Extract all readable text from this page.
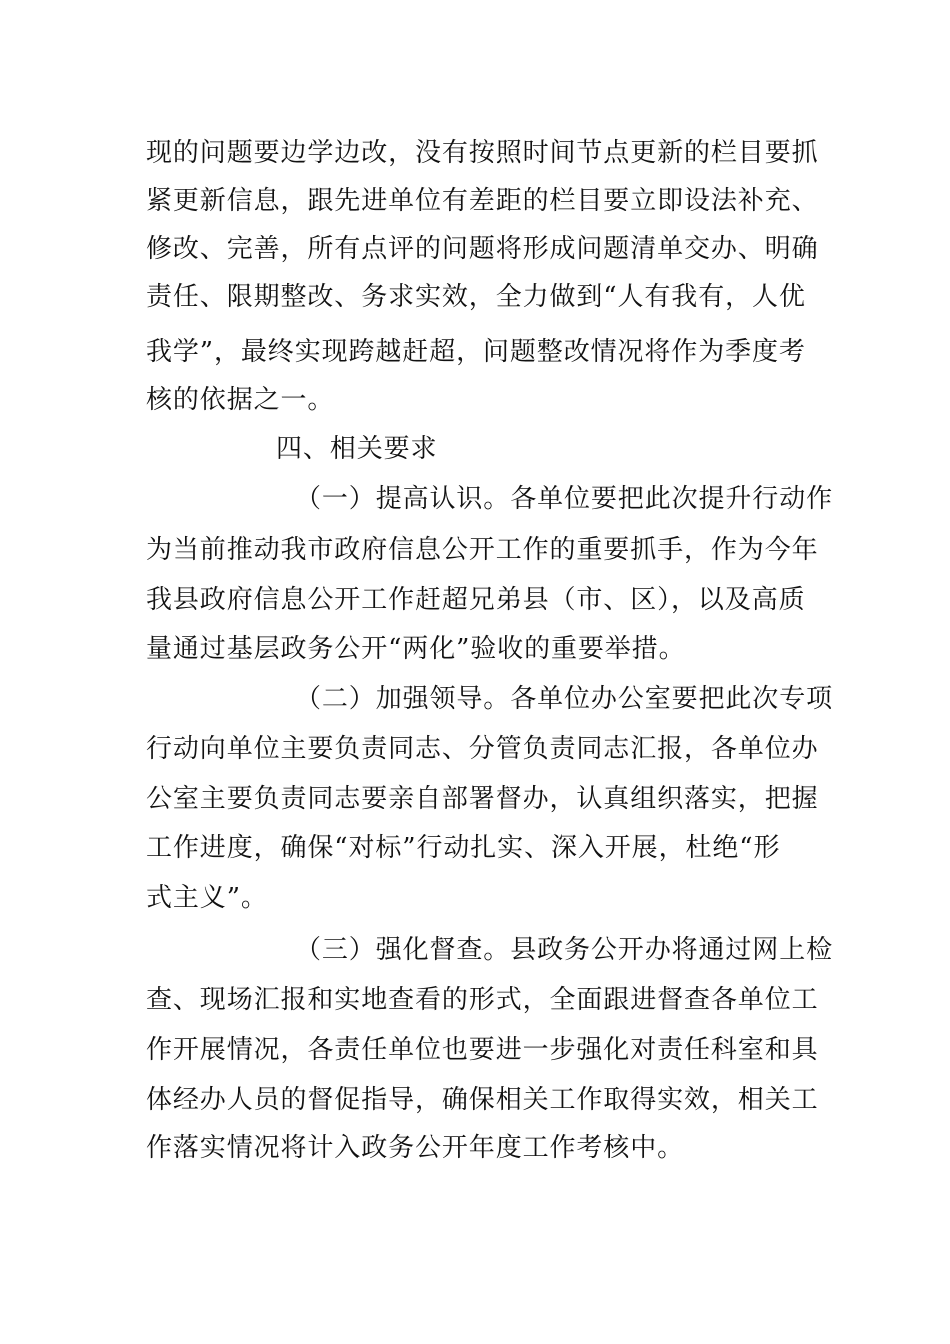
现的问题要边学边改，没有按照时间节点更新的栏目要抓
紧更新信息，跟先进单位有差距的栏目要立即设法补充、
修改、完善，所有点评的问题将形成问题清单交办、明确
责任、限期整改、务求实效，全力做到“人有我有，人优
我学”，最终实现跨越赶超，问题整改情况将作为季度考
核的依据之一。
四、相关要求
（一）提高认识。各单位要把此次提升行动作
为当前推动我市政府信息公开工作的重要抓手，作为今年
我县政府信息公开工作赶超兄弟县（市、区），以及高质
量通过基层政务公开“两化”验收的重要举措。
（二）加强领导。各单位办公室要把此次专项
行动向单位主要负责同志、分管负责同志汇报，各单位办
公室主要负责同志要亲自部署督办，认真组织落实，把握
工作进度，确保“对标”行动扎实、深入开展，杜绝“形
式主义”。
（三）强化督查。县政务公开办将通过网上检
查、现场汇报和实地查看的形式，全面跟进督查各单位工
作开展情况，各责任单位也要进一步强化对责任科室和具
体经办人员的督促指导，确保相关工作取得实效，相关工
作落实情况将计入政务公开年度工作考核中。
